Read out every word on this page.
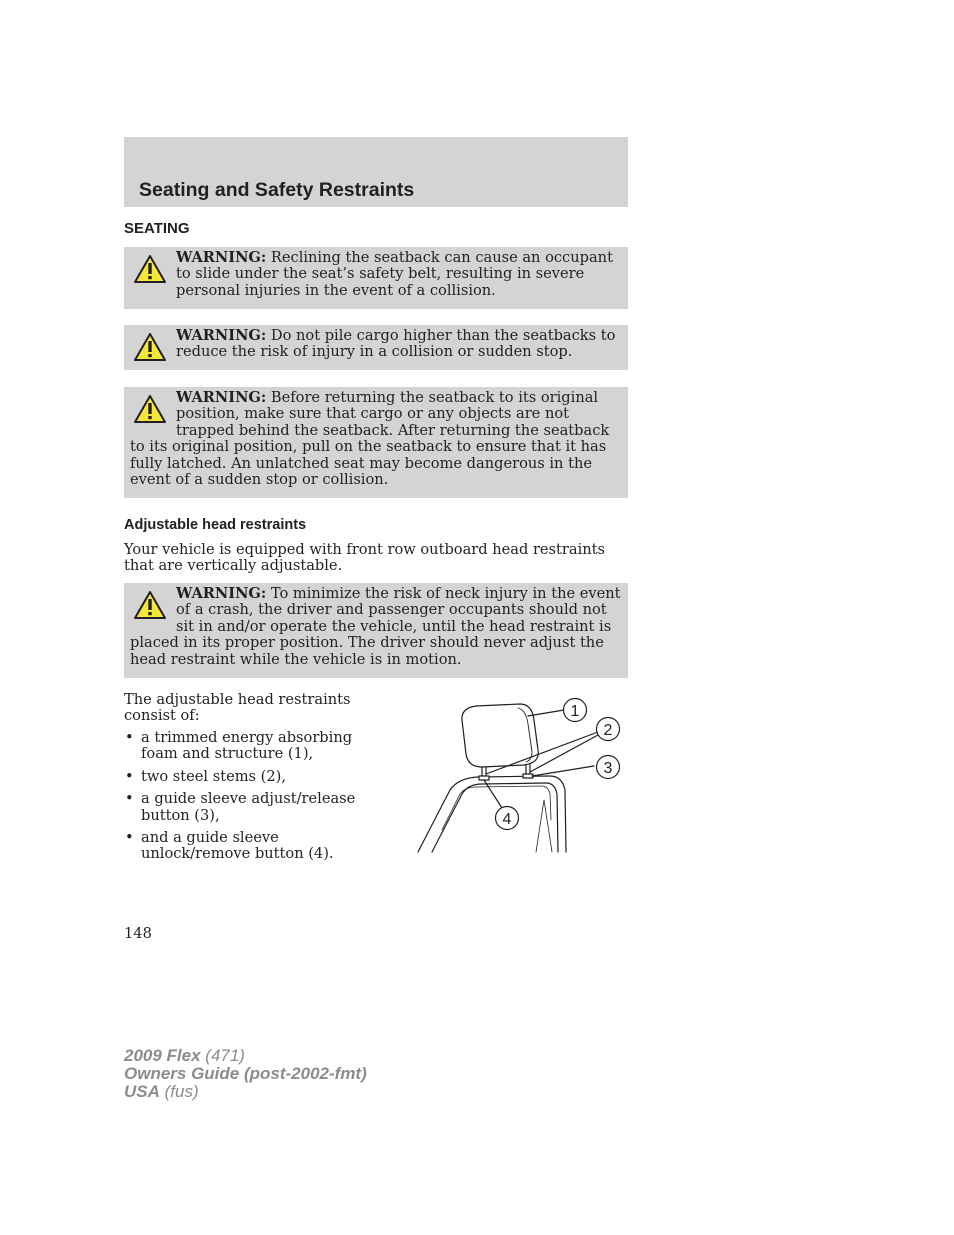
Seating and Safety Restraints
SEATING
WARNING: Reclining the seatback can cause an occupant to slide under the seat’s safety belt, resulting in severe personal injuries in the event of a collision.
WARNING: Do not pile cargo higher than the seatbacks to reduce the risk of injury in a collision or sudden stop.
WARNING: Before returning the seatback to its original position, make sure that cargo or any objects are not trapped behind the seatback. After returning the seatback to its original position, pull on the seatback to ensure that it has fully latched. An unlatched seat may become dangerous in the event of a sudden stop or collision.
Adjustable head restraints

Your vehicle is equipped with front row outboard head restraints that are vertically adjustable.

WARNING: To minimize the risk of neck injury in the event of a crash, the driver and passenger occupants should not sit in and/or operate the vehicle, until the head restraint is placed in its proper position. The driver should never adjust the head restraint while the vehicle is in motion.

The adjustable head restraints consist of:

• a trimmed energy absorbing foam and structure (1),
• two steel stems (2),
• a guide sleeve adjust/release button (3),
• and a guide sleeve unlock/remove button (4).
1
2
3
4

148

2009 Flex (471)
Owners Guide (post-2002-fmt)
USA (fus)
